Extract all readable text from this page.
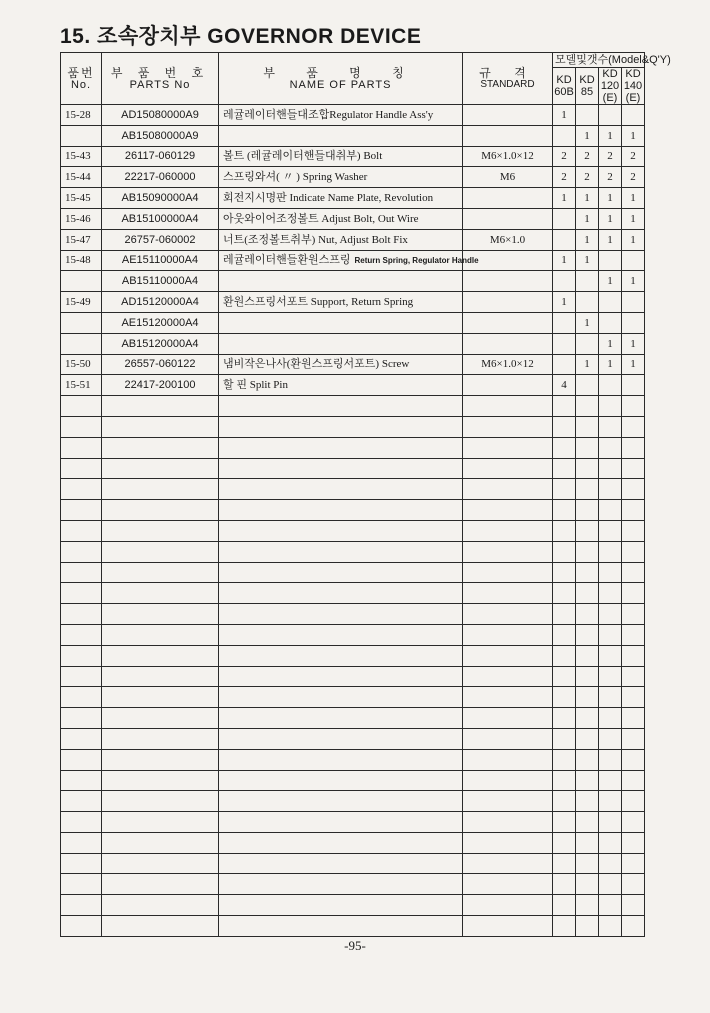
15. 조속장치부 GOVERNOR DEVICE
품번
No.	부 품 번 호
PARTS No	부 품 명 칭
NAME OF PARTS	규 격
STANDARD	모델및갯수(Model&Q'Y)			
				KD 60B	KD 85	KD 120 (E)	KD 140 (E)
15-28	AD15080000A9	레귤레이터핸들대조합Regulator Handle Ass'y		1			
	AB15080000A9				1	1	1
15-43	26117-060129	볼트 (레귤레이터핸들대취부) Bolt	M6×1.0×12	2	2	2	2
15-44	22217-060000	스프링와셔( 〃 ) Spring Washer	M6	2	2	2	2
15-45	AB15090000A4	회전지시명판 Indicate Name Plate, Revolution		1	1	1	1
15-46	AB15100000A4	아웃와이어조정볼트 Adjust Bolt, Out Wire			1	1	1
15-47	26757-060002	너트(조정볼트취부) Nut, Adjust Bolt Fix	M6×1.0		1	1	1
15-48	AE15110000A4	레귤레이터핸들환원스프링 Return Spring, Regulator Handle		1	1		
	AB15110000A4					1	1
15-49	AD15120000A4	환원스프링서포트 Support, Return Spring		1			
	AE15120000A4				1		
	AB15120000A4					1	1
15-50	26557-060122	냄비작은나사(환원스프링서포트) Screw	M6×1.0×12		1	1	1
15-51	22417-200100	할 핀 Split Pin		4			

-95-
